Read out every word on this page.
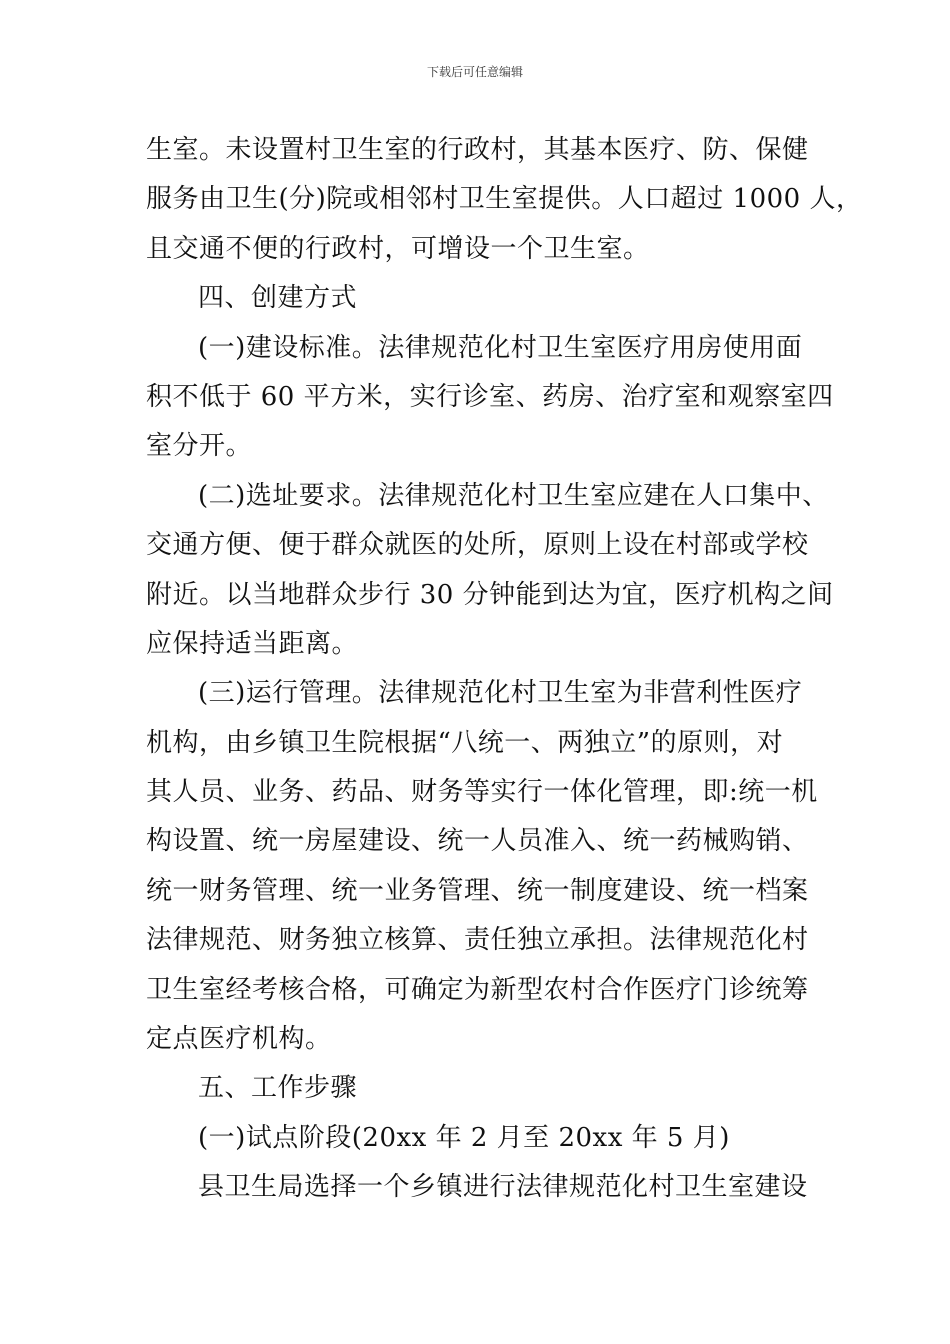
下载后可任意编辑
生室。未设置村卫生室的行政村，其基本医疗、防、保健
服务由卫生(分)院或相邻村卫生室提供。人口超过 1000 人，
且交通不便的行政村，可增设一个卫生室。
四、创建方式
(一)建设标准。法律规范化村卫生室医疗用房使用面
积不低于 60 平方米，实行诊室、药房、治疗室和观察室四
室分开。
(二)选址要求。法律规范化村卫生室应建在人口集中、
交通方便、便于群众就医的处所，原则上设在村部或学校
附近。以当地群众步行 30 分钟能到达为宜，医疗机构之间
应保持适当距离。
(三)运行管理。法律规范化村卫生室为非营利性医疗
机构，由乡镇卫生院根据“八统一、两独立”的原则，对
其人员、业务、药品、财务等实行一体化管理，即:统一机
构设置、统一房屋建设、统一人员准入、统一药械购销、
统一财务管理、统一业务管理、统一制度建设、统一档案
法律规范、财务独立核算、责任独立承担。法律规范化村
卫生室经考核合格，可确定为新型农村合作医疗门诊统筹
定点医疗机构。
五、工作步骤
(一)试点阶段(20xx 年 2 月至 20xx 年 5 月)
县卫生局选择一个乡镇进行法律规范化村卫生室建设
